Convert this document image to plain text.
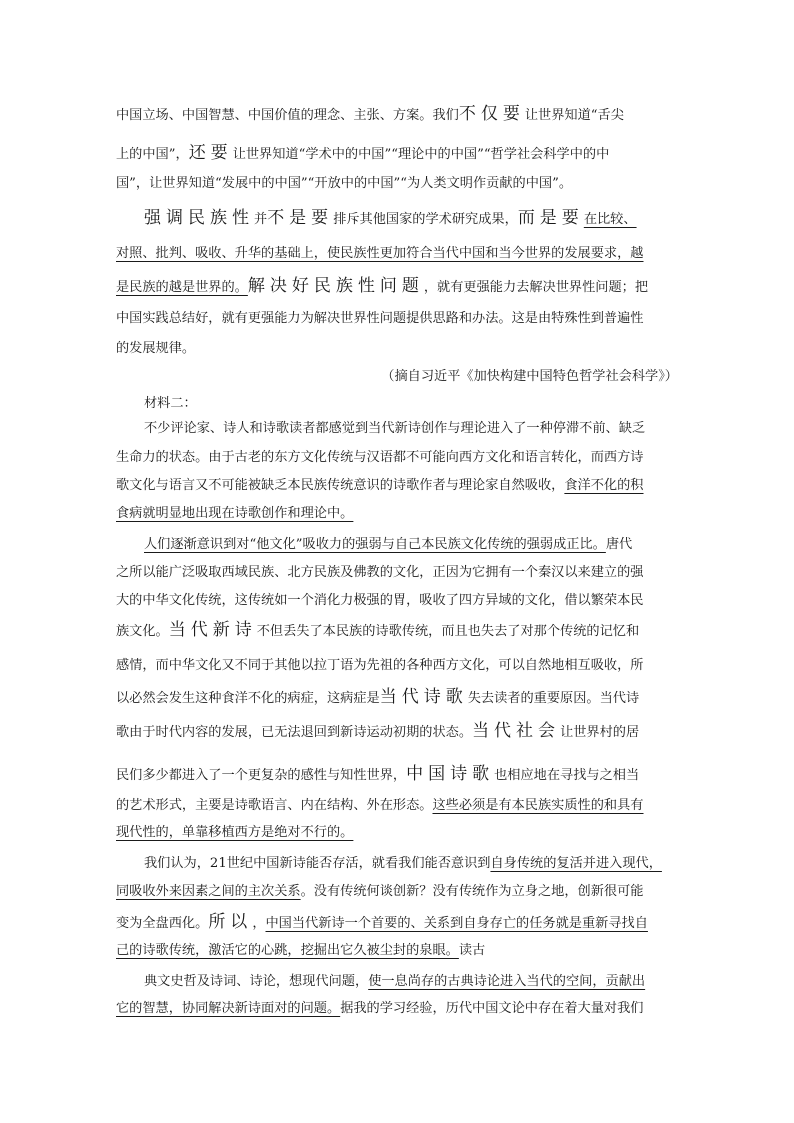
中国立场、中国智慧、中国价值的理念、主张、方案。我们不仅要让世界知道“舌尖
上的中国”，还要让世界知道“学术中的中国”“理论中的中国”“哲学社会科学中的中
国”，让世界知道“发展中的中国”“开放中的中国”“为人类文明作贡献的中国”。
强调民族性并不是要排斥其他国家的学术研究成果，而是要在比较、
对照、批判、吸收、升华的基础上，使民族性更加符合当代中国和当今世界的发展要求，越
是民族的越是世界的。解决好民族性问题，就有更强能力去解决世界性问题；把
中国实践总结好，就有更强能力为解决世界性问题提供思路和办法。这是由特殊性到普遍性
的发展规律。
（摘自习近平《加快构建中国特色哲学社会科学》）
材料二：
不少评论家、诗人和诗歌读者都感觉到当代新诗创作与理论进入了一种停滞不前、缺乏
生命力的状态。由于古老的东方文化传统与汉语都不可能向西方文化和语言转化，而西方诗
歌文化与语言又不可能被缺乏本民族传统意识的诗歌作者与理论家自然吸收，食洋不化的积
食病就明显地出现在诗歌创作和理论中。
人们逐渐意识到对“他文化”吸收力的强弱与自己本民族文化传统的强弱成正比。唐代
之所以能广泛吸取西域民族、北方民族及佛教的文化，正因为它拥有一个秦汉以来建立的强
大的中华文化传统，这传统如一个消化力极强的胃，吸收了四方异域的文化，借以繁荣本民
族文化。当代新诗不但丢失了本民族的诗歌传统，而且也失去了对那个传统的记忆和
感情，而中华文化又不同于其他以拉丁语为先祖的各种西方文化，可以自然地相互吸收，所
以必然会发生这种食洋不化的病症，这病症是当代诗歌失去读者的重要原因。当代诗
歌由于时代内容的发展，已无法退回到新诗运动初期的状态。当代社会让世界村的居
民们多少都进入了一个更复杂的感性与知性世界，中国诗歌也相应地在寻找与之相当
的艺术形式，主要是诗歌语言、内在结构、外在形态。这些必须是有本民族实质性的和具有
现代性的，单靠移植西方是绝对不行的。
我们认为，21世纪中国新诗能否存活，就看我们能否意识到自身传统的复活并进入现代，
同吸收外来因素之间的主次关系。没有传统何谈创新？没有传统作为立身之地，创新很可能
变为全盘西化。所以，中国当代新诗一个首要的、关系到自身存亡的任务就是重新寻找自
己的诗歌传统，激活它的心跳，挖掘出它久被尘封的泉眼。读古
典文史哲及诗词、诗论，想现代问题，使一息尚存的古典诗论进入当代的空间，贡献出
它的智慧，协同解决新诗面对的问题。据我的学习经验，历代中国文论中存在着大量对我们
